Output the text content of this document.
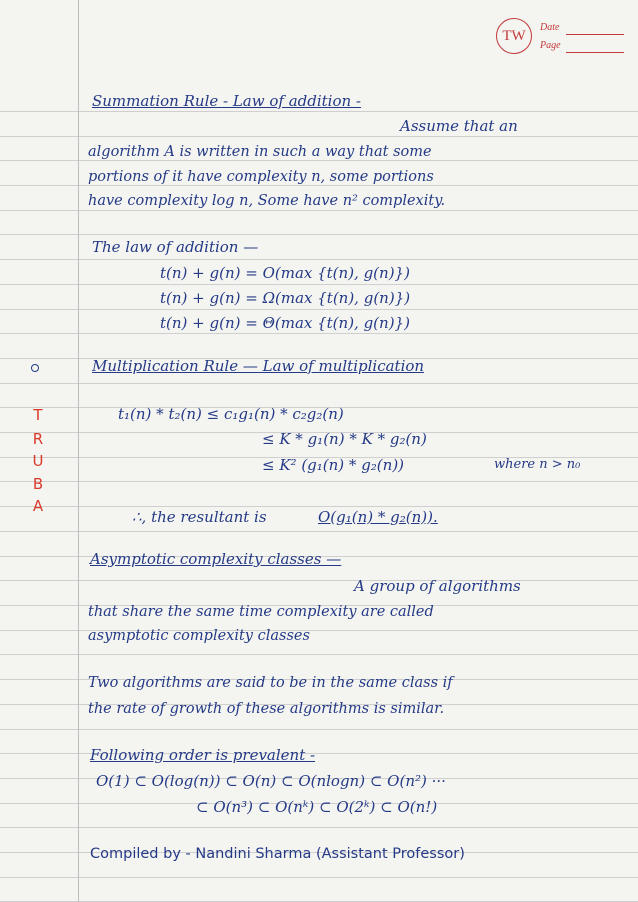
TW	Date
Page
T
R
U
B
A
Summation Rule - Law of addition -
Assume that an
algorithm A is written in such a way that some
portions of it have complexity n, some portions
have complexity log n, Some have n² complexity.
The law of addition —
t(n) + g(n) = O(max {t(n), g(n)})
t(n) + g(n) = Ω(max {t(n), g(n)})
t(n) + g(n) = Θ(max {t(n), g(n)})
Multiplication Rule — Law of multiplication
t₁(n) * t₂(n) ≤ c₁g₁(n) * c₂g₂(n)
≤ K * g₁(n) * K * g₂(n)
≤ K² (g₁(n) * g₂(n))	where n > n₀
∴, the resultant is	O(g₁(n) * g₂(n)).
Asymptotic complexity classes —
A group of algorithms
that share the same time complexity are called
asymptotic complexity classes
Two algorithms are said to be in the same class if
the rate of growth of these algorithms is similar.
Following order is prevalent -
O(1) ⊂ O(log(n)) ⊂ O(n) ⊂ O(nlogn) ⊂ O(n²) ···
⊂ O(n³) ⊂ O(nᵏ) ⊂ O(2ᵏ) ⊂ O(n!)
Compiled by - Nandini Sharma (Assistant Professor)
